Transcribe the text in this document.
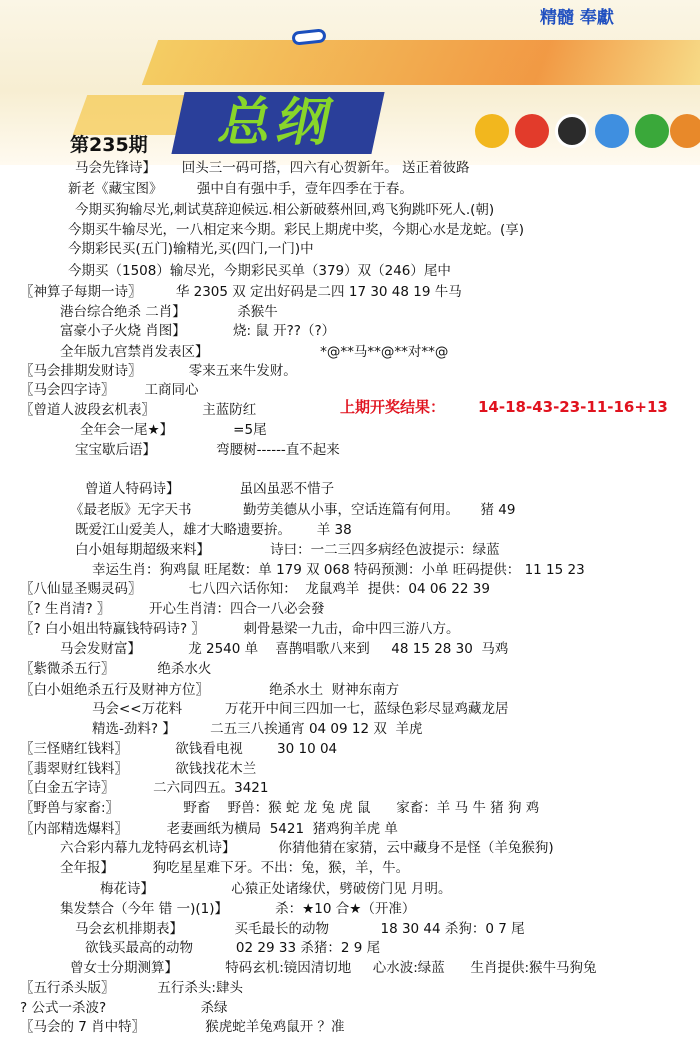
精髓 奉獻
总纲
第235期
马会先锋诗】      回头三一码可搭，四六有心贺新年。 送正着彼路
新老《藏宝图》        强中自有强中手，壹年四季在于春。
今期买狗输尽光,刺试莫辞迎候远.相公新破蔡州回,鸡飞狗跳吓死人.(朝)
今期买牛输尽光，一八相定来今期。彩民上期虎中奖，今期心水是龙蛇。(享)
今期彩民买(五门)输精光,买(四门,一门)中
今期买（1508）输尽光，今期彩民买单（379）双（246）尾中
〖神算子每期一诗〗        华 2305 双 定出好码是二四 17 30 48 19 牛马
港台综合绝杀 二肖】            杀猴牛
富豪小子火烧 肖图】           烧: 鼠 开??（?）
全年版九宫禁肖发表区】                          *@**马**@**对**@
〖马会排期发财诗〗           零来五来牛发财。
〖马会四字诗〗       工商同心
〖曾道人波段玄机表〗           主蓝防红	上期开奖结果： 14-18-43-23-11-16+13
全年会一尾★】              =5尾
宝宝歇后语】              弯腰树------直不起来
曾道人特码诗】              虽凶虽恶不惜子
《最老版》无字天书            勤劳美德从小事，空话连篇有何用。     猪 49
既爱江山爱美人，雄才大略遗要拚。      羊 38
白小姐每期超级来料】              诗曰：一二三四多病经色波提示：绿蓝
幸运生肖：狗鸡鼠 旺尾数：单 179 双 068 特码预测：小单 旺码提供： 11 15 23
〖八仙显圣赐灵码〗           七八四六话你知：  龙鼠鸡羊  提供：04 06 22 39
〖? 生肖清? 〗         开心生肖清：四合一八必会發
〖? 白小姐出特赢钱特码诗? 〗         刺骨悬梁一九击，命中四三游八方。
马会发财富】           龙 2540 单    喜鹊唱歌八来到     48 15 28 30  马鸡
〖紫微杀五行〗          绝杀水火
〖白小姐绝杀五行及财神方位〗              绝杀水土  财神东南方
马会<<万花料          万花开中间三四加一七，蓝绿色彩尽显鸡藏龙居
精选-劲料? 】        二五三八挨通宵 04 09 12 双  羊虎
〖三怪赌红钱料〗           欲钱看电视        30 10 04
〖翡翠财红钱料〗           欲钱找花木兰
〖白金五字诗〗         二六同四五。3421
〖野兽与家畜:〗               野畜    野兽：猴 蛇 龙 兔 虎 鼠      家畜：羊 马 牛 猪 狗 鸡
〖内部精选爆料〗         老妻画纸为横局  5421  猪鸡狗羊虎 单
六合彩内幕九龙特码玄机诗】          你猜他猜在家猜，云中藏身不是怪（羊兔猴狗)
全年报】         狗吃星星难下牙。不出：兔，猴，羊，牛。
梅花诗】                  心猿正处诸缘伏，劈破傍门见 月明。
集发禁合（今年 错 一)(1)】           杀：★10 合★（开准）
马会玄机排期表】            买毛最长的动物            18 30 44 杀狗：0 7 尾
欲钱买最高的动物          02 29 33 杀猪：2 9 尾
曾女士分期测算】           特码玄机:镜因清切地     心水波:绿蓝      生肖提供:猴牛马狗兔
〖五行杀头版〗          五行杀头:肆头
? 公式一杀波?                      杀绿
〖马会的 7 肖中特〗              猴虎蛇羊兔鸡鼠开 ？准
